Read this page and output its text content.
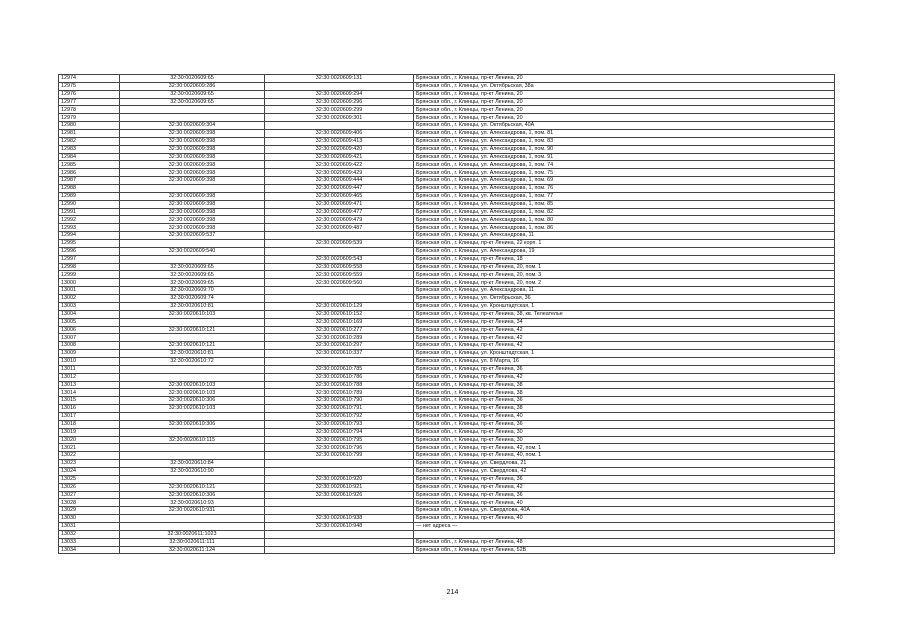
12974	32:30:0020609:65	32:30:0020609:131	Брянская обл., г. Клинцы, пр-кт Ленина, 20
12975	32:30:0020609:286		Брянская обл., г. Клинцы, ул. Октябрьская, 38а
12976	32:30:0020609:65	32:30:0020609:294	Брянская обл., г. Клинцы, пр-кт Ленина, 20
12977	32:30:0020609:65	32:30:0020609:296	Брянская обл., г. Клинцы, пр-кт Ленина, 20
12978		32:30:0020609:299	Брянская обл., г. Клинцы, пр-кт Ленина, 20
12979		32:30:0020609:301	Брянская обл., г. Клинцы, пр-кт Ленина, 20
12980	32:30:0020609:304		Брянская обл., г. Клинцы, ул. Октябрьская, 40А
12981	32:30:0020609:398	32:30:0020609:406	Брянская обл., г. Клинцы, ул. Александрова, 1, пом. 81
12982	32:30:0020609:398	32:30:0020609:413	Брянская обл., г. Клинцы, ул. Александрова, 1, пом. 83
12983	32:30:0020609:398	32:30:0020609:420	Брянская обл., г. Клинцы, ул. Александрова, 1, пом. 90
12984	32:30:0020609:398	32:30:0020609:421	Брянская обл., г. Клинцы, ул. Александрова, 1, пом. 91
12985	32:30:0020609:398	32:30:0020609:422	Брянская обл., г. Клинцы, ул. Александрова, 1, пом. 74
12986	32:30:0020609:398	32:30:0020609:429	Брянская обл., г. Клинцы, ул. Александрова, 1, пом. 75
12987	32:30:0020609:398	32:30:0020609:444	Брянская обл., г. Клинцы, ул. Александрова, 1, пом. 69
12988		32:30:0020609:447	Брянская обл., г. Клинцы, ул. Александрова, 1, пом. 76
12989	32:30:0020609:398	32:30:0020609:465	Брянская обл., г. Клинцы, ул. Александрова, 1, пом. 77
12990	32:30:0020609:398	32:30:0020609:471	Брянская обл., г. Клинцы, ул. Александрова, 1, пом. 85
12991	32:30:0020609:398	32:30:0020609:477	Брянская обл., г. Клинцы, ул. Александрова, 1, пом. 82
12992	32:30:0020609:398	32:30:0020609:479	Брянская обл., г. Клинцы, ул. Александрова, 1, пом. 80
12993	32:30:0020609:398	32:30:0020609:487	Брянская обл., г. Клинцы, ул. Александрова, 1, пом. 86
12994	32:30:0020609:537		Брянская обл., г. Клинцы, ул. Александрова, 11
12995		32:30:0020609:539	Брянская обл., г. Клинцы, пр-кт Ленина, 22 корп. 1
12996	32:30:0020609:540		Брянская обл., г. Клинцы, ул. Александрова, 19
12997		32:30:0020609:543	Брянская обл., г. Клинцы, пр-кт Ленина, 18
12998	32:30:0020609:65	32:30:0020609:558	Брянская обл., г. Клинцы, пр-кт Ленина, 20, пом. 1
12999	32:30:0020609:65	32:30:0020609:559	Брянская обл., г. Клинцы, пр-кт Ленина, 20, пом. 3
13000	32:30:0020609:65	32:30:0020609:560	Брянская обл., г. Клинцы, пр-кт Ленина, 20, пом. 2
13001	32:30:0020609:70		Брянская обл., г. Клинцы, ул. Александрова, 11
13002	32:30:0020609:74		Брянская обл., г. Клинцы, ул. Октябрьская, 36
13003	32:30:0020610:81	32:30:0020610:129	Брянская обл., г. Клинцы, ул. Кронштадтская, 1
13004	32:30:0020610:103	32:30:0020610:152	Брянская обл., г. Клинцы, пр-кт Ленина, 38, кв. Телеателье
13005		32:30:0020610:169	Брянская обл., г. Клинцы, пр-кт Ленина, 34
13006	32:30:0020610:121	32:30:0020610:277	Брянская обл., г. Клинцы, пр-кт Ленина, 42
13007		32:30:0020610:289	Брянская обл., г. Клинцы, пр-кт Ленина, 42
13008	32:30:0020610:121	32:30:0020610:297	Брянская обл., г. Клинцы, пр-кт Ленина, 42
13009	32:30:0020610:81	32:30:0020610:337	Брянская обл., г. Клинцы, ул. Кронштадтская, 1
13010	32:30:0020610:72		Брянская обл., г. Клинцы, ул. 8 Марта, 16
13011		32:30:0020610:785	Брянская обл., г. Клинцы, пр-кт Ленина, 36
13012		32:30:0020610:786	Брянская обл., г. Клинцы, пр-кт Ленина, 42
13013	32:30:0020610:103	32:30:0020610:788	Брянская обл., г. Клинцы, пр-кт Ленина, 38
13014	32:30:0020610:103	32:30:0020610:789	Брянская обл., г. Клинцы, пр-кт Ленина, 38
13015	32:30:0020610:306	32:30:0020610:790	Брянская обл., г. Клинцы, пр-кт Ленина, 36
13016	32:30:0020610:103	32:30:0020610:791	Брянская обл., г. Клинцы, пр-кт Ленина, 38
13017		32:30:0020610:792	Брянская обл., г. Клинцы, пр-кт Ленина, 40
13018	32:30:0020610:306	32:30:0020610:793	Брянская обл., г. Клинцы, пр-кт Ленина, 36
13019		32:30:0020610:794	Брянская обл., г. Клинцы, пр-кт Ленина, 30
13020	32:30:0020610:115	32:30:0020610:795	Брянская обл., г. Клинцы, пр-кт Ленина, 30
13021		32:30:0020610:796	Брянская обл., г. Клинцы, пр-кт Ленина, 42, пом. 1
13022		32:30:0020610:799	Брянская обл., г. Клинцы, пр-кт Ленина, 40, пом. 1
13023	32:30:0020610:84		Брянская обл., г. Клинцы, ул. Свердлова, 21
13024	32:30:0020610:90		Брянская обл., г. Клинцы, ул. Свердлова, 42
13025		32:30:0020610:920	Брянская обл., г. Клинцы, пр-кт Ленина, 36
13026	32:30:0020610:121	32:30:0020610:921	Брянская обл., г. Клинцы, пр-кт Ленина, 42
13027	32:30:0020610:306	32:30:0020610:926	Брянская обл., г. Клинцы, пр-кт Ленина, 36
13028	32:30:0020610:93		Брянская обл., г. Клинцы, пр-кт Ленина, 40
13029	32:30:0020610:931		Брянская обл., г. Клинцы, ул. Свердлова, 40А
13030		32:30:0020610:938	Брянская обл., г. Клинцы, пр-кт Ленина, 40
13031		32:30:0020610:948	— нет адреса —
13032	32:30:0020611:1023		
13033	32:30:0020611:111		Брянская обл., г. Клинцы, пр-кт Ленина, 48
13034	32:30:0020611:124		Брянская обл., г. Клинцы, пр-кт Ленина, 52В
214
